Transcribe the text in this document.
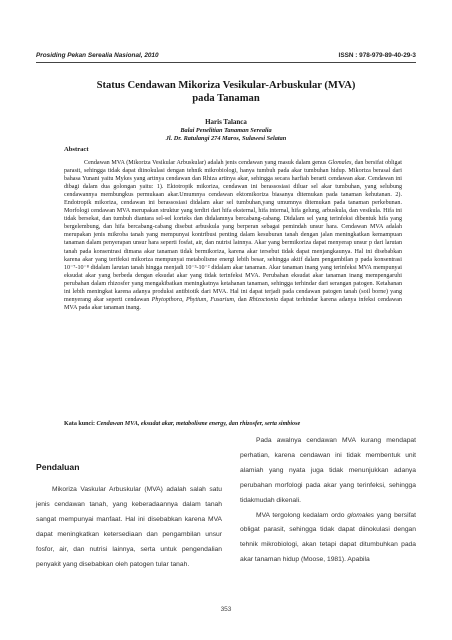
Prosiding Pekan Serealia Nasional, 2010	ISSN : 978-979-89-40-29-3
Status Cendawan Mikoriza Vesikular-Arbuskular (MVA)
pada Tanaman
Haris Talanca
Balai Penelitian Tanaman Serealia
Jl. Dr. Ratulangi 274 Maros, Sulawesi Selatan
Abstract

Cendawan MVA (Mikoriza Vesikular Arbuskular) adalah jenis cendawan yang masuk dalam genus Glomales, dan bersifat obligat parasit, sehingga tidak dapat diinokulasi dengan tehnik mikrobiologi, hanya tumbuh pada akar tumbuhan hidup. Mikoriza berasal dari bahasa Yunani yaitu Mykes yang artinya cendawan dan Rhiza artinya akar, sehingga secara harfiah berarti cendawan akar. Cendawan ini dibagi dalam dua golongan yaitu: 1). Ektotropik mikoriza, cendawan ini berassosiasi diluar sel akar tumbuhan, yang selubung cendawannya membungkus permukaan akar.Umumnya cendawan ektomikoriza biasanya ditemukan pada tanaman kehutanan. 2). Endotropik mikoriza, cendawan ini berassosiasi didalam akar sel tumbuhan,yang umumnya ditemukan pada tanaman perkebunan. Morfologi cendawan MVA merupakan struktur yang terdiri dari hifa eksternal, hifa internal, hifa gelung, arbuskula, dan vesikula. Hifa ini tidak bersekat, dan tumbuh diantara sel-sel korteks dan didalamnya bercabang-cabang. Didalam sel yang terinfeksi dibentuk hifa yang bergelembung, dan hifa bercabang-cabang disebut arbuskula yang berperan sebagai pemindah unsur hara. Cendawan MVA adalah merupakan jenis mikroba tanah yang mempunyai kontribusi penting dalam kesuburan tanah dengan jalan meningkatkan kemampuan tanaman dalam penyerapan unsur hara seperti fosfat, air, dan nutrisi lainnya. Akar yang bermikoriza dapat menyerap unsur p dari larutan tanah pada konsentrasi dimana akar tanaman tidak bermikoriza, karena akar tersebut tidak dapat menjangkaunya. Hal ini disebabkan karena akar yang terifeksi mikoriza mempunyai metabolisme energi lebih besar, sehingga aktif dalam pengambilan p pada konsentrasi 10⁻⁷-10⁻⁸ didalam larutan tanah hingga menjadi 10⁻³-10⁻² didalam akar tanaman. Akar tanaman inang yang terinfeksi MVA mempunyai eksudat akar yang berbeda dengan eksudat akar yang tidak terinfeksi MVA. Perubahan eksudat akar tanaman inang mempengaruhi perubahan dalam rhizosfer yang mengakibatkan meningkatnya ketahanan tanaman, sehingga terhindar dari serangan patogen. Ketahanan ini lebih meningkat karena adanya produksi antibiotik dari MVA. Hal ini dapat terjadi pada cendawan patogen tanah (soil borne) yang menyerang akar seperti cendawan Phytopthora, Phytium, Fusarium, dan Rhizoctonia dapat terhindar karena adanya infeksi cendawan MVA pada akar tanaman inang.

Kata kunci: Cendawan MVA, eksudat akar, metabolisme energy, dan rhizosfer, serta simbiose
Pendaluan

Mikoriza Vaskular Arbuskular (MVA) adalah salah satu jenis cendawan tanah, yang keberadaannya dalam tanah sangat mempunyai manfaat. Hal ini disebabkan karena MVA dapat meningkatkan ketersediaan dan pengambilan unsur fosfor, air, dan nutrisi lainnya, serta untuk pengendalian penyakit yang disebabkan oleh patogen tular tanah.

Pada awalnya cendawan MVA kurang mendapat perhatian, karena cendawan ini tidak membentuk unit alamiah yang nyata juga tidak menunjukkan adanya perubahan morfologi pada akar yang terinfeksi, sehingga tidakmudah dikenali.

MVA tergolong kedalam ordo glomales yang bersifat obligat parasit, sehingga tidak dapat diinokulasi dengan tehnik mikrobiologi, akan tetapi dapat ditumbuhkan pada akar tanaman hidup (Moose, 1981). Apabila

353
